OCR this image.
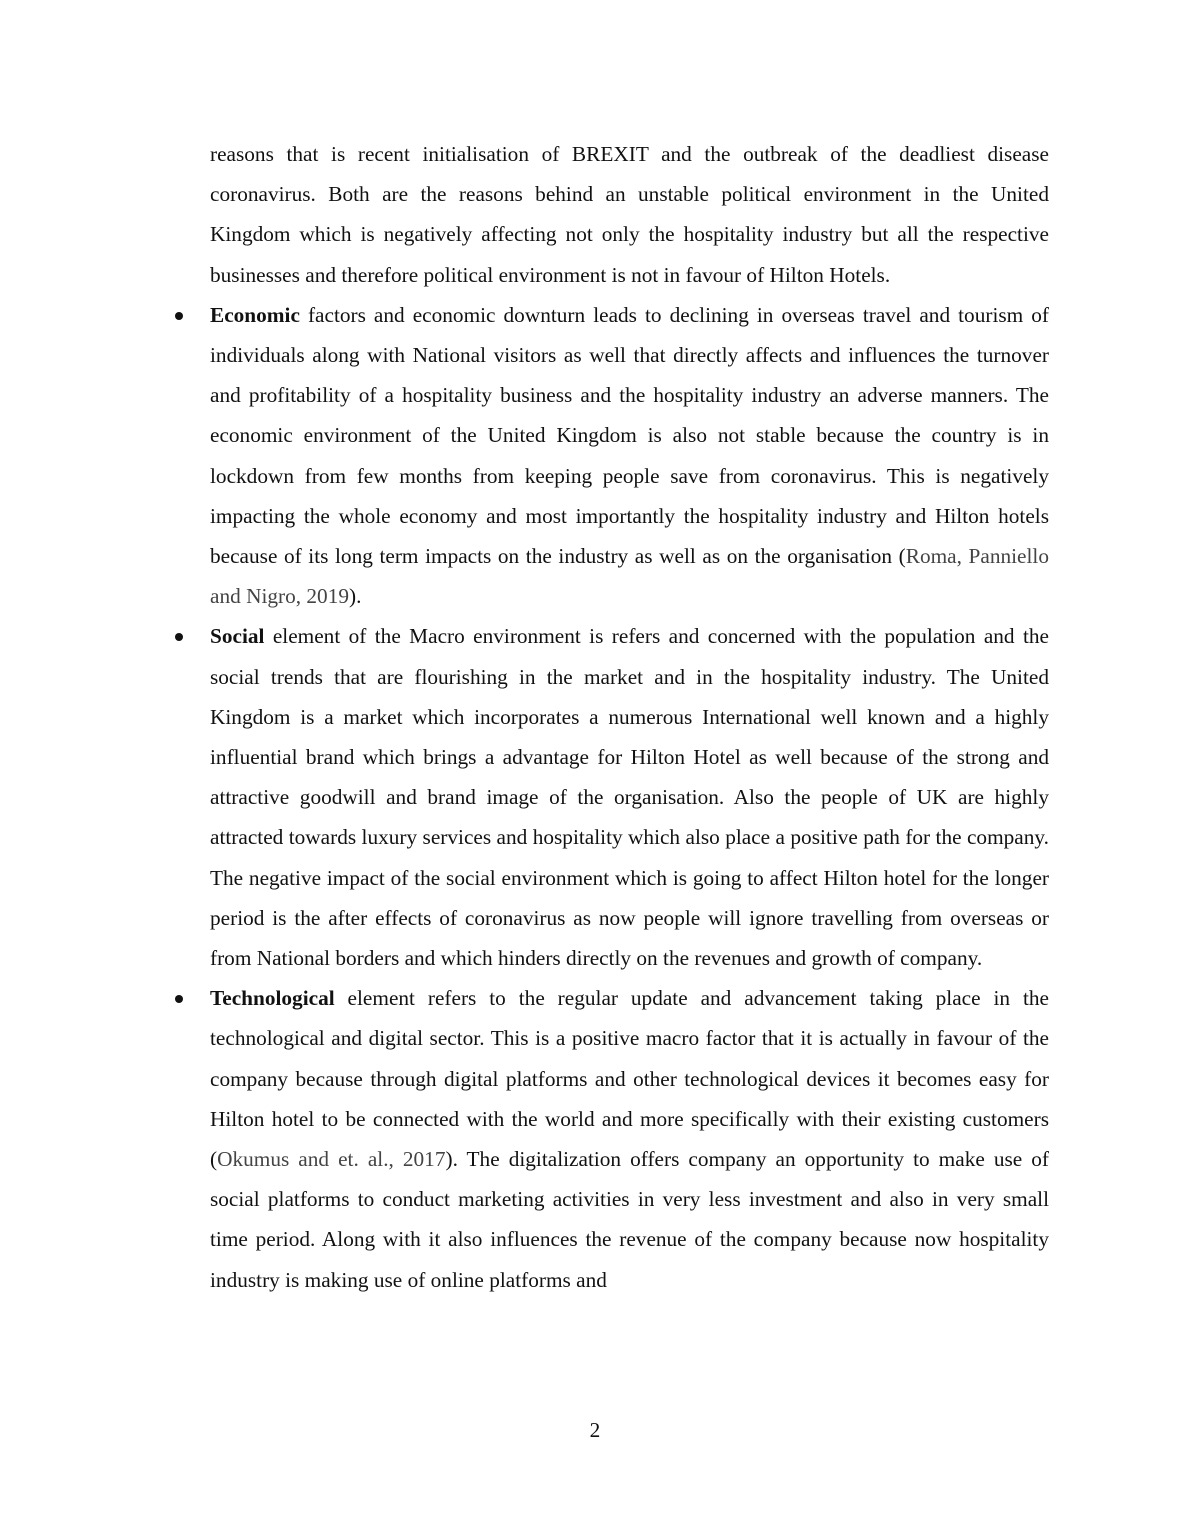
reasons that is recent initialisation of BREXIT and the outbreak of the deadliest disease coronavirus. Both are the reasons behind an unstable political environment in the United Kingdom which is negatively affecting not only the hospitality industry but all the respective businesses and therefore political environment is not in favour of Hilton Hotels.

Economic factors and economic downturn leads to declining in overseas travel and tourism of individuals along with National visitors as well that directly affects and influences the turnover and profitability of a hospitality business and the hospitality industry an adverse manners. The economic environment of the United Kingdom is also not stable because the country is in lockdown from few months from keeping people save from coronavirus. This is negatively impacting the whole economy and most importantly the hospitality industry and Hilton hotels because of its long term impacts on the industry as well as on the organisation (Roma, Panniello and Nigro, 2019).

Social element of the Macro environment is refers and concerned with the population and the social trends that are flourishing in the market and in the hospitality industry. The United Kingdom is a market which incorporates a numerous International well known and a highly influential brand which brings a advantage for Hilton Hotel as well because of the strong and attractive goodwill and brand image of the organisation. Also the people of UK are highly attracted towards luxury services and hospitality which also place a positive path for the company. The negative impact of the social environment which is going to affect Hilton hotel for the longer period is the after effects of coronavirus as now people will ignore travelling from overseas or from National borders and which hinders directly on the revenues and growth of company.

Technological element refers to the regular update and advancement taking place in the technological and digital sector. This is a positive macro factor that it is actually in favour of the company because through digital platforms and other technological devices it becomes easy for Hilton hotel to be connected with the world and more specifically with their existing customers (Okumus and et. al., 2017). The digitalization offers company an opportunity to make use of social platforms to conduct marketing activities in very less investment and also in very small time period. Along with it also influences the revenue of the company because now hospitality industry is making use of online platforms and

2
